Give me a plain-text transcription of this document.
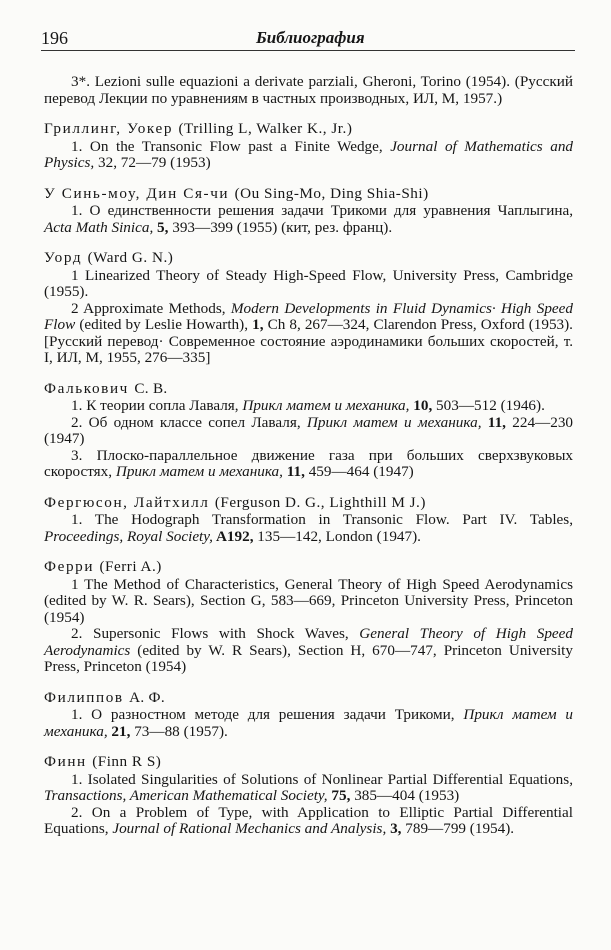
196	Библиография

3*. Lezioni sulle equazioni a derivate parziali, Gheroni, Torino (1954). (Русский перевод Лекции по уравнениям в частных производных, ИЛ, М, 1957.)

Гриллинг, Уокер (Trilling L, Walker K., Jr.)

1. On the Transonic Flow past a Finite Wedge, Journal of Mathematics and Physics, 32, 72—79 (1953)

У Синь-моу, Дин Ся-чи (Ou Sing-Mo, Ding Shia-Shi)

1. О единственности решения задачи Трикоми для уравнения Чаплыгина, Acta Math Sinica, 5, 393—399 (1955) (кит, рез. франц).

Уорд (Ward G. N.)

1 Linearized Theory of Steady High-Speed Flow, University Press, Cambridge (1955).

2 Approximate Methods, Modern Developments in Fluid Dynamics· High Speed Flow (edited by Leslie Howarth), 1, Ch 8, 267—324, Clarendon Press, Oxford (1953). [Русский перевод· Современное состояние аэродинамики больших скоростей, т. I, ИЛ, М, 1955, 276—335]

Фалькович С. В.

1. К теории сопла Лаваля, Прикл матем и механика, 10, 503—512 (1946).

2. Об одном классе сопел Лаваля, Прикл матем и механика, 11, 224—230 (1947)

3. Плоско-параллельное движение газа при больших сверхзвуковых скоростях, Прикл матем и механика, 11, 459—464 (1947)

Фергюсон, Лайтхилл (Ferguson D. G., Lighthill M J.)

1. The Hodograph Transformation in Transonic Flow. Part IV. Tables, Proceedings, Royal Society, A192, 135—142, London (1947).

Ферри (Ferri A.)

1 The Method of Characteristics, General Theory of High Speed Aerodynamics (edited by W. R. Sears), Section G, 583—669, Princeton University Press, Princeton (1954)

2. Supersonic Flows with Shock Waves, General Theory of High Speed Aerodynamics (edited by W. R Sears), Section H, 670—747, Princeton University Press, Princeton (1954)

Филиппов А. Ф.

1. О разностном методе для решения задачи Трикоми, Прикл матем и механика, 21, 73—88 (1957).

Финн (Finn R S)

1. Isolated Singularities of Solutions of Nonlinear Partial Differential Equations, Transactions, American Mathematical Society, 75, 385—404 (1953)

2. On a Problem of Type, with Application to Elliptic Partial Differential Equations, Journal of Rational Mechanics and Analysis, 3, 789—799 (1954).
